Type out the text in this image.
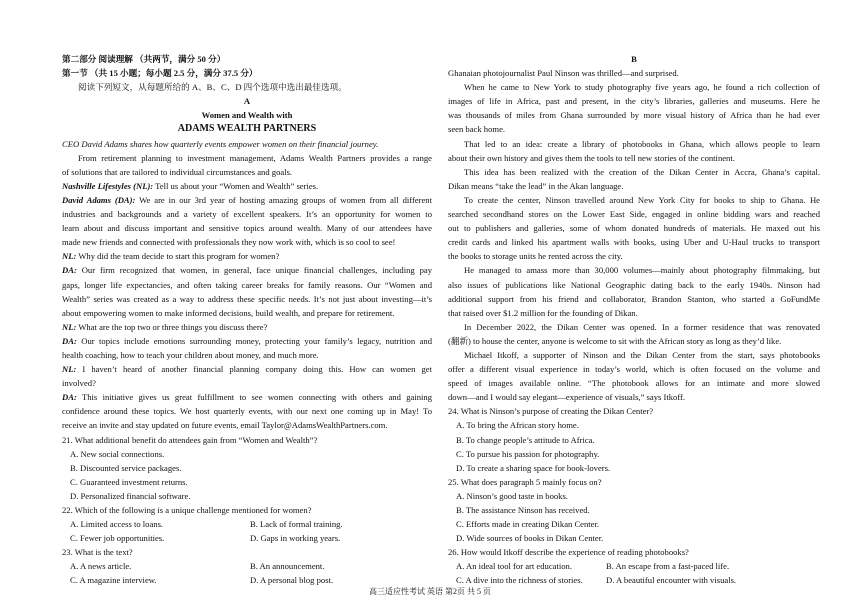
第二部分 阅读理解 （共两节，满分 50 分）
第一节 （共 15 小题；每小题 2.5 分，满分 37.5 分）
阅读下列短文，从每题所给的 A、B、C、D 四个选项中选出最佳选项。
A
Women and Wealth with
ADAMS WEALTH PARTNERS
CEO David Adams shares how quarterly events empower women on their financial journey.
From retirement planning to investment management, Adams Wealth Partners provides a range
of solutions that are tailored to individual circumstances and goals.
Nashville Lifestyles (NL): Tell us about your “Women and Wealth” series.
David Adams (DA): We are in our 3rd year of hosting amazing groups of women from all different
industries and backgrounds and a variety of excellent speakers. It’s an opportunity for women to
learn about and discuss important and sensitive topics around wealth. Many of our attendees have
made new friends and connected with professionals they now work with, which is so cool to see!
NL: Why did the team decide to start this program for women?
DA: Our firm recognized that women, in general, face unique financial challenges, including pay
gaps, longer life expectancies, and often taking career breaks for family reasons. Our “Women and
Wealth” series was created as a way to address these specific needs. It’s not just about investing—it’s
about empowering women to make informed decisions, build wealth, and prepare for retirement.
NL: What are the top two or three things you discuss there?
DA: Our topics include emotions surrounding money, protecting your family’s legacy, nutrition and
health coaching, how to teach your children about money, and much more.
NL: I haven’t heard of another financial planning company doing this. How can women get
involved?
DA: This initiative gives us great fulfillment to see women connecting with others and gaining
confidence around these topics. We host quarterly events, with our next one coming up in May! To
receive an invite and stay updated on future events, email Taylor@AdamsWealthPartners.com.
21. What additional benefit do attendees gain from “Women and Wealth”?
A. New social connections.
B. Discounted service packages.
C. Guaranteed investment returns.
D. Personalized financial software.
22. Which of the following is a unique challenge mentioned for women?
A. Limited access to loans.	B. Lack of formal training.
C. Fewer job opportunities.	D. Gaps in working years.
23. What is the text?
A. A news article.	B. An announcement.
C. A magazine interview.	D. A personal blog post.
B
Ghanaian photojournalist Paul Ninson was thrilled—and surprised.
When he came to New York to study photography five years ago, he found a rich collection of
images of life in Africa, past and present, in the city’s libraries, galleries and museums. Here he
was thousands of miles from Ghana surrounded by more visual history of Africa than he had ever
seen back home.
That led to an idea: create a library of photobooks in Ghana, which allows people to learn
about their own history and gives them the tools to tell new stories of the continent.
This idea has been realized with the creation of the Dikan Center in Accra, Ghana’s capital.
Dikan means “take the lead” in the Akan language.
To create the center, Ninson travelled around New York City for books to ship to Ghana. He
searched secondhand stores on the Lower East Side, engaged in online bidding wars and reached
out to publishers and galleries, some of whom donated hundreds of materials. He maxed out his
credit cards and linked his apartment walls with books, using Uber and U-Haul trucks to transport
the books to storage units he rented across the city.
He managed to amass more than 30,000 volumes—mainly about photography filmmaking, but
also issues of publications like National Geographic dating back to the early 1940s. Ninson had
additional support from his friend and collaborator, Brandon Stanton, who started a GoFundMe
that raised over $1.2 million for the founding of Dikan.
In December 2022, the Dikan Center was opened. In a former residence that was renovated
(翻新) to house the center, anyone is welcome to sit with the African story as long as they’d like.
Michael Itkoff, a supporter of Ninson and the Dikan Center from the start, says photobooks
offer a different visual experience in today’s world, which is often focused on the volume and
speed of images available online. “The photobook allows for an intimate and more slowed
down—and I would say elegant—experience of visuals,” says Itkoff.
24. What is Ninson’s purpose of creating the Dikan Center?
A. To bring the African story home.
B. To change people’s attitude to Africa.
C. To pursue his passion for photography.
D. To create a sharing space for book-lovers.
25. What does paragraph 5 mainly focus on?
A. Ninson’s good taste in books.
B. The assistance Ninson has received.
C. Efforts made in creating Dikan Center.
D. Wide sources of books in Dikan Center.
26. How would Itkoff describe the experience of reading photobooks?
A. An ideal tool for art education.	B. An escape from a fast-paced life.
C. A dive into the richness of stories.	D. A beautiful encounter with visuals.
高三适应性考试 英语 第2页 共 5 页
